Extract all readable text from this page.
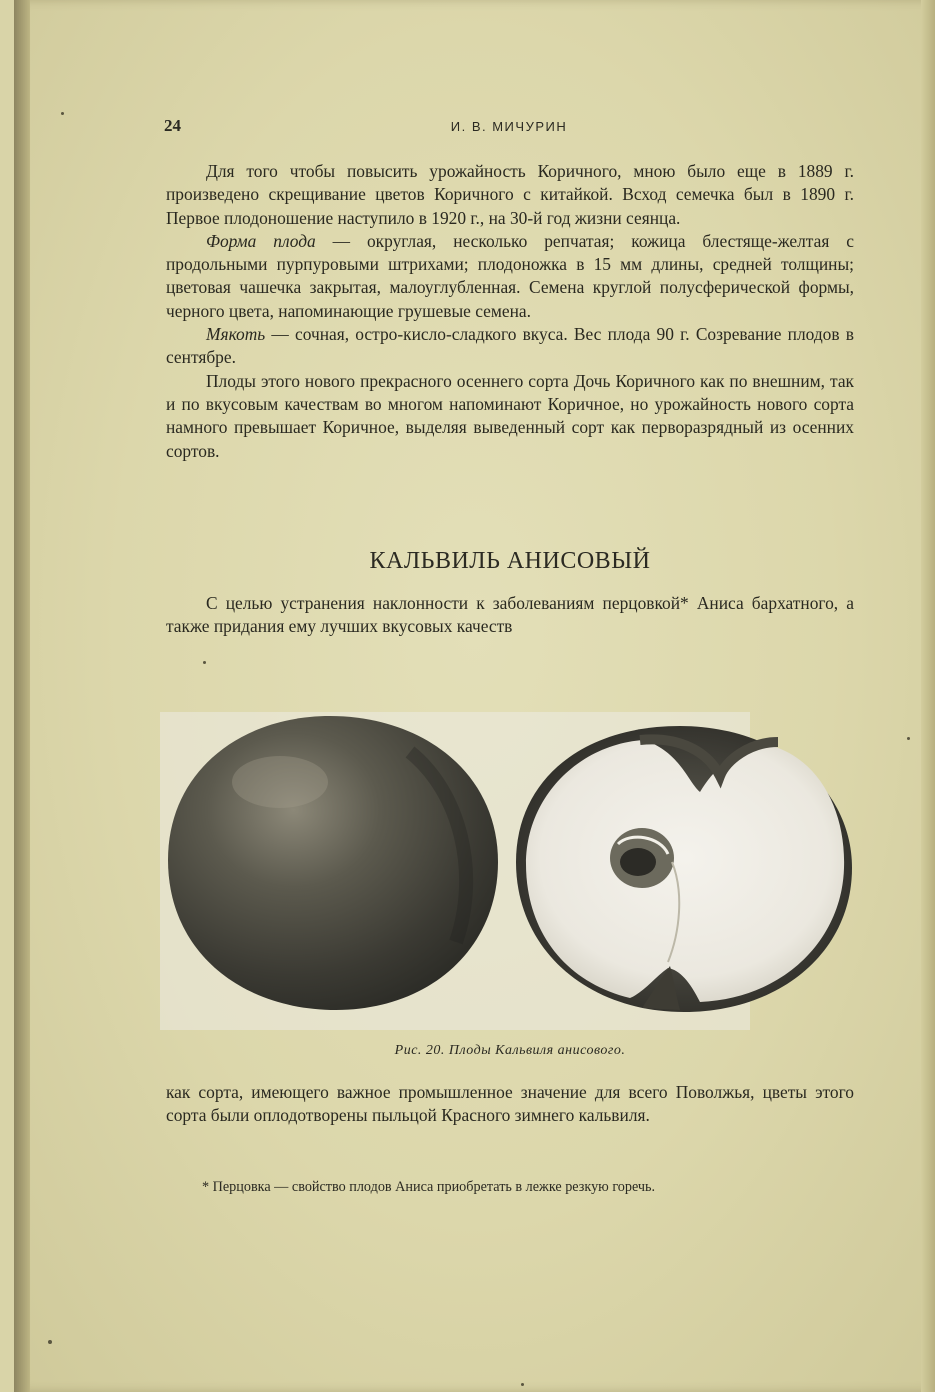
24	И. В. МИЧУРИН

Для того чтобы повысить урожайность Коричного, мною было еще в 1889 г. произведено скрещивание цветов Коричного с китайкой. Всход семечка был в 1890 г. Первое плодоношение наступило в 1920 г., на 30-й год жизни сеянца.

Форма плода — округлая, несколько репчатая; кожица блестяще-желтая с продольными пурпуровыми штрихами; плодоножка в 15 мм длины, средней толщины; цветовая чашечка закрытая, малоуглубленная. Семена круглой полусферической формы, черного цвета, напоминающие грушевые семена.

Мякоть — сочная, остро-кисло-сладкого вкуса. Вес плода 90 г. Созревание плодов в сентябре.

Плоды этого нового прекрасного осеннего сорта Дочь Коричного как по внешним, так и по вкусовым качествам во многом напоминают Коричное, но урожайность нового сорта намного превышает Коричное, выделяя выведенный сорт как перворазрядный из осенних сортов.

КАЛЬВИЛЬ АНИСОВЫЙ

С целью устранения наклонности к заболеваниям перцовкой* Аниса бархатного, а также придания ему лучших вкусовых качеств

Рис. 20. Плоды Кальвиля анисового.

как сорта, имеющего важное промышленное значение для всего Поволжья, цветы этого сорта были оплодотворены пыльцой Красного зимнего кальвиля.

* Перцовка — свойство плодов Аниса приобретать в лежке резкую горечь.
